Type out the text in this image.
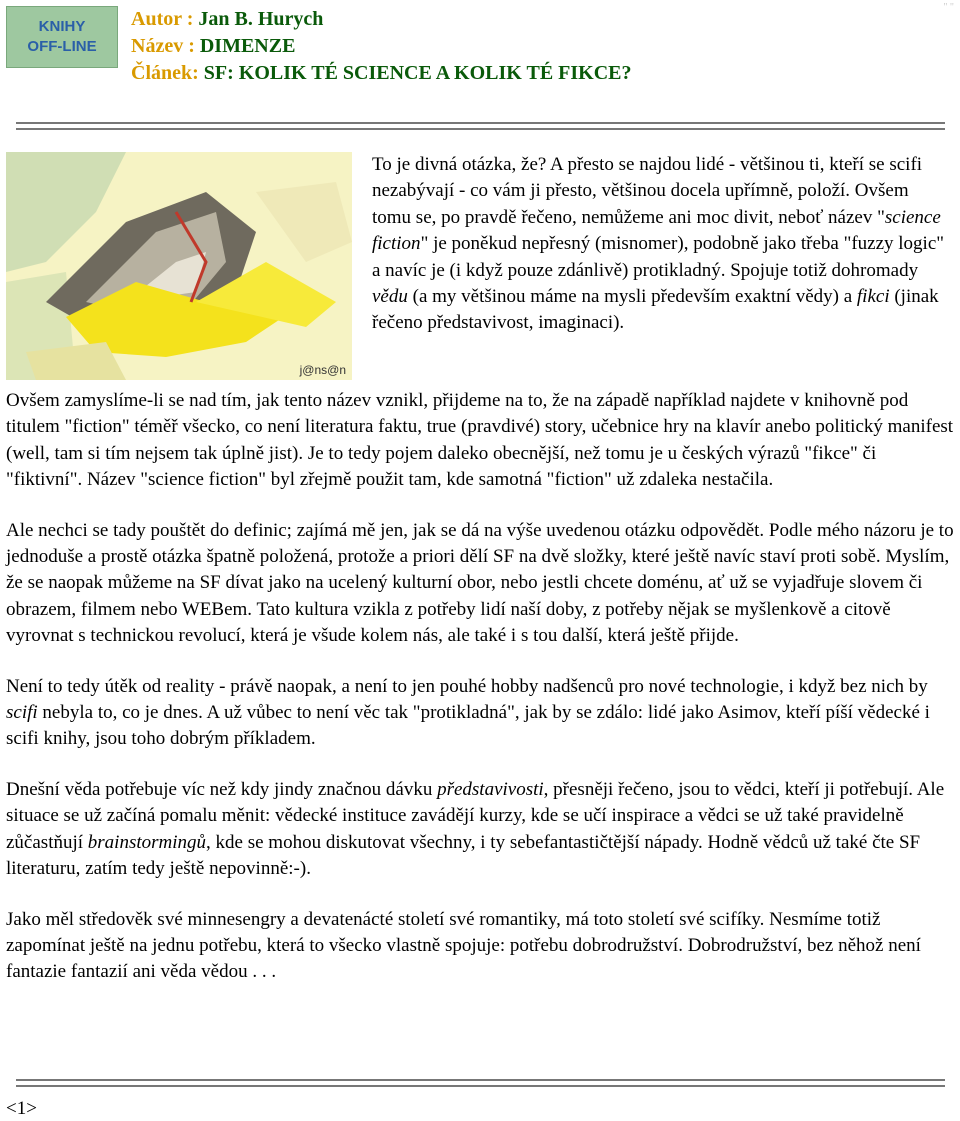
KNIHY
OFF-LINE
Autor : Jan B. Hurych
Název : DIMENZE
Článek: SF: KOLIK TÉ SCIENCE A KOLIK TÉ FIKCE?
" "
j@ns@n

To je divná otázka, že? A přesto se najdou lidé - většinou ti, kteří se scifi nezabývají - co vám ji přesto, většinou docela upřímně, položí. Ovšem tomu se, po pravdě řečeno, nemůžeme ani moc divit, neboť název "science fiction" je poněkud nepřesný (misnomer), podobně jako třeba "fuzzy logic" a navíc je (i když pouze zdánlivě) protikladný. Spojuje totiž dohromady vědu (a my většinou máme na mysli především exaktní vědy) a fikci (jinak řečeno představivost, imaginaci).

Ovšem zamyslíme-li se nad tím, jak tento název vznikl, přijdeme na to, že na západě například najdete v knihovně pod titulem "fiction" téměř všecko, co není literatura faktu, true (pravdivé) story, učebnice hry na klavír anebo politický manifest (well, tam si tím nejsem tak úplně jist). Je to tedy pojem daleko obecnější, než tomu je u českých výrazů "fikce" či "fiktivní". Název "science fiction" byl zřejmě použit tam, kde samotná "fiction" už zdaleka nestačila.

Ale nechci se tady pouštět do definic; zajímá mě jen, jak se dá na výše uvedenou otázku odpovědět. Podle mého názoru je to jednoduše a prostě otázka špatně položená, protože a priori dělí SF na dvě složky, které ještě navíc staví proti sobě. Myslím, že se naopak můžeme na SF dívat jako na ucelený kulturní obor, nebo jestli chcete doménu, ať už se vyjadřuje slovem či obrazem, filmem nebo WEBem. Tato kultura vzikla z potřeby lidí naší doby, z potřeby nějak se myšlenkově a citově vyrovnat s technickou revolucí, která je všude kolem nás, ale také i s tou další, která ještě přijde.

Není to tedy útěk od reality - právě naopak, a není to jen pouhé hobby nadšenců pro nové technologie, i když bez nich by scifi nebyla to, co je dnes. A už vůbec to není věc tak "protikladná", jak by se zdálo: lidé jako Asimov, kteří píší vědecké i scifi knihy, jsou toho dobrým příkladem.

Dnešní věda potřebuje víc než kdy jindy značnou dávku představivosti, přesněji řečeno, jsou to vědci, kteří ji potřebují. Ale situace se už začíná pomalu měnit: vědecké instituce zavádějí kurzy, kde se učí inspirace a vědci se už také pravidelně zůčastňují brainstormingů, kde se mohou diskutovat všechny, i ty sebefantastičtější nápady. Hodně vědců už také čte SF literaturu, zatím tedy ještě nepovinně:-).

Jako měl středověk své minnesengry a devatenácté století své romantiky, má toto století své scifíky. Nesmíme totiž zapomínat ještě na jednu potřebu, která to všecko vlastně spojuje: potřebu dobrodružství. Dobrodružství, bez něhož není fantazie fantazií ani věda vědou . . .

<1>
